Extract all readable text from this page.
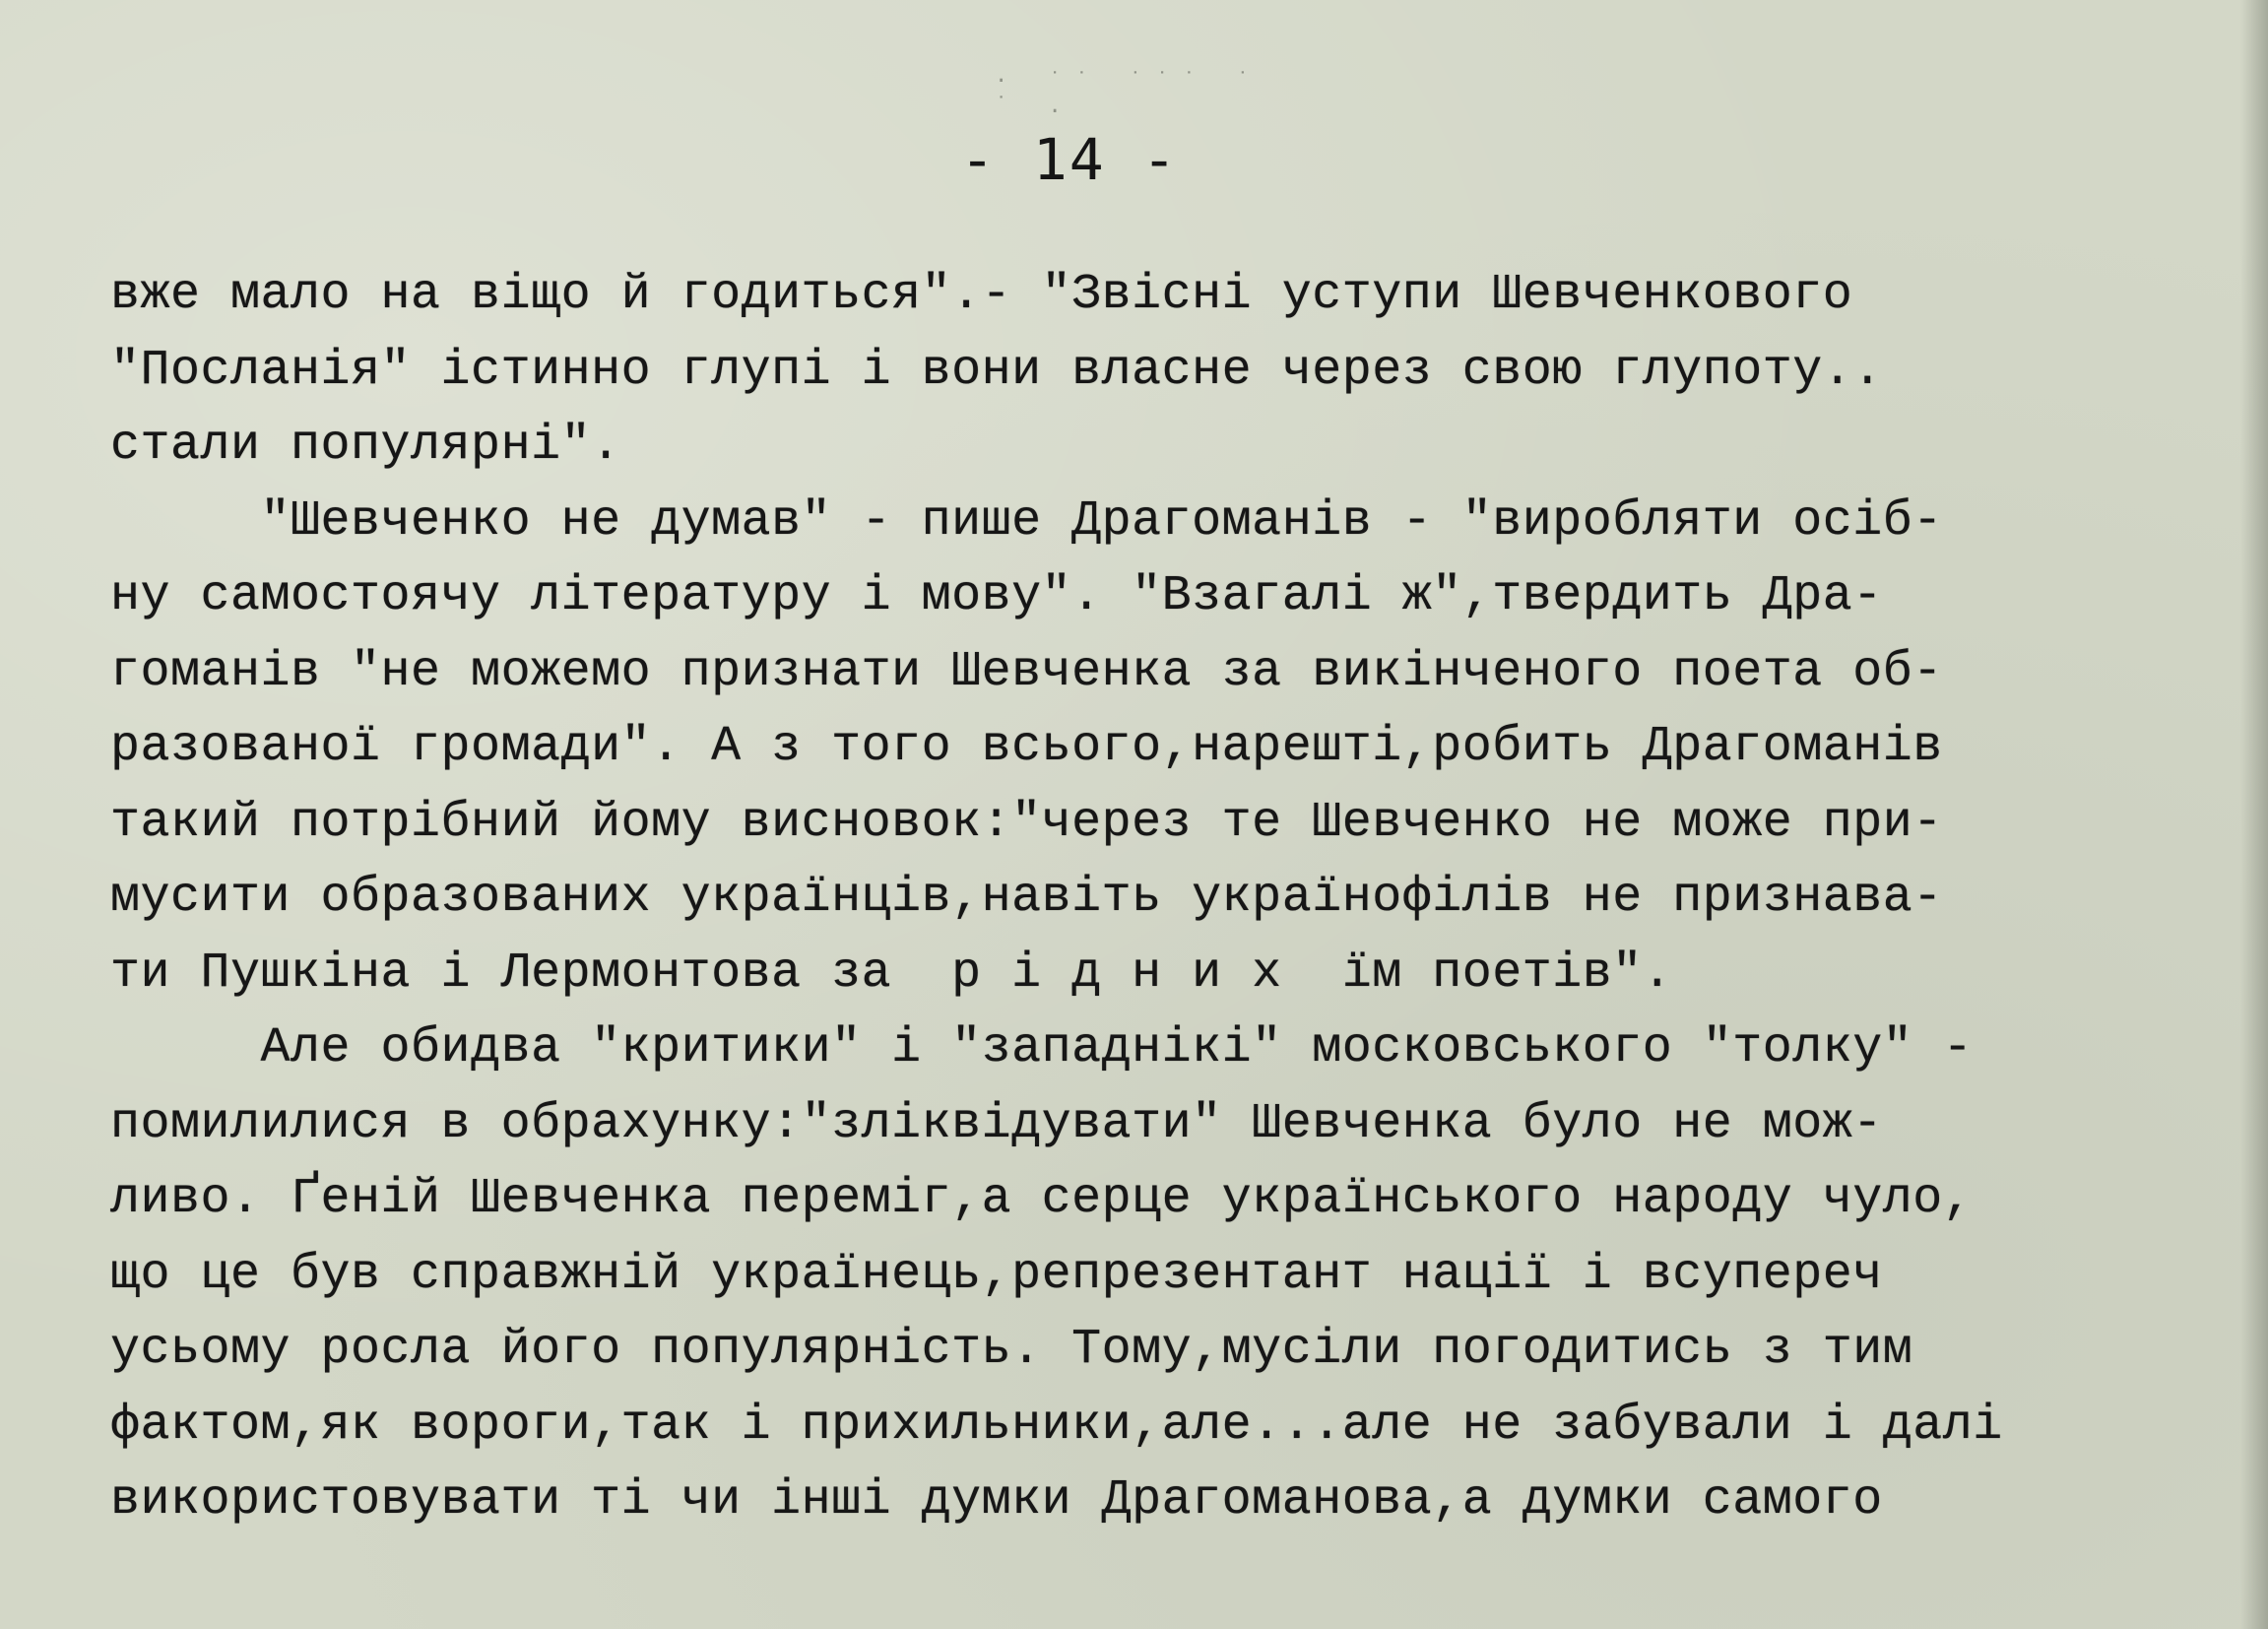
· ˙˙ ˙˙˙ ˙ ˙ .
- 14 -
вже мало на віщо й годиться".- "Звісні уступи Шевченкового
"Посланія" істинно глупі і вони власне через свою глупоту..
стали популярні".
"Шевченко не думав" - пише Драгоманів - "виробляти осіб-
ну самостоячу літературу і мову". "Взагалі ж",твердить Дра-
гоманів "не можемо признати Шевченка за викінченого поета об-
разованої громади". А з того всього,нарешті,робить Драгоманів
такий потрібний йому висновок:"через те Шевченко не може при-
мусити образованих українців,навіть українофілів не признава-
ти Пушкіна і Лермонтова за  р і д н и х  їм поетів".
Але обидва "критики" і "западнікі" московського "толку" -
помилилися в обрахунку:"зліквідувати" Шевченка було не мож-
ливо. Ґеній Шевченка переміг,а серце українського народу чуло,
що це був справжній українець,репрезентант нації і всупереч
усьому росла його популярність. Тому,мусіли погодитись з тим
фактом,як вороги,так і прихильники,але...але не забували і далі
використовувати ті чи інші думки Драгоманова,а думки самого
